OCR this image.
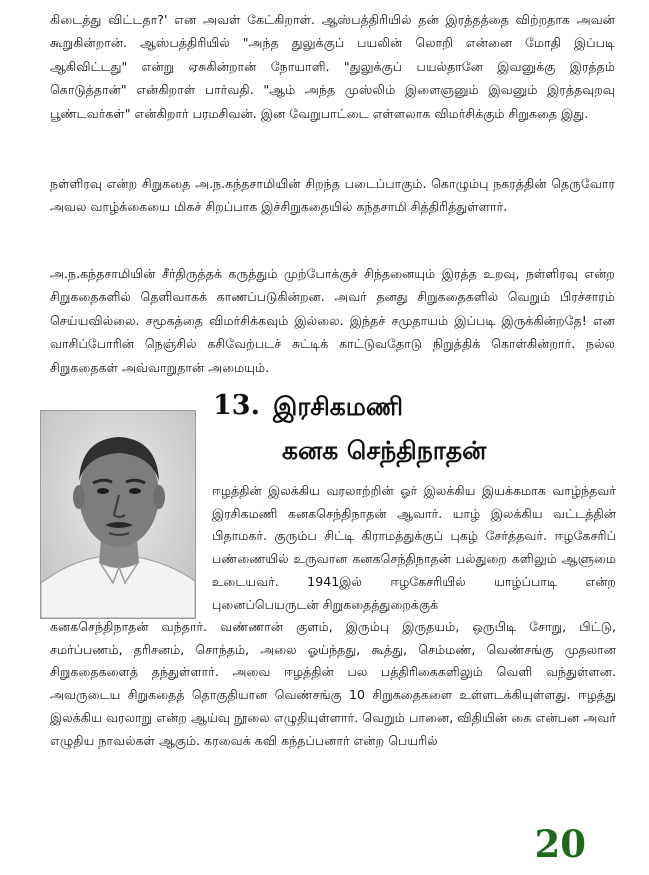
கிடைத்து விட்டதா?' என அவள் கேட்கிறாள். ஆஸ்பத்திரியில் தன் இரத்தத்தை விற்றதாக அவன் கூறுகின்றான். ஆஸ்பத்திரியில் "அந்த துலுக்குப் பயலின் லொறி என்னை மோதி இப்படி ஆகிவிட்டது" என்று ஏசுகின்றான் நோயாளி. "துலுக்குப் பயல்தானே இவனுக்கு இரத்தம் கொடுத்தான்" என்கிறாள் பார்வதி. "ஆம் அந்த முஸ்லிம் இளைஞனும் இவனும் இரத்தவுறவு பூண்டவர்கள்" என்கிறார் பரமசிவன். இன வேறுபாட்டை எள்ளலாக விமர்சிக்கும் சிறுகதை இது.

நள்ளிரவு என்ற சிறுகதை அ.ந.கந்தசாமியின் சிறந்த படைப்பாகும். கொழும்பு நகரத்தின் தெருவோர அவல வாழ்க்கையை மிகச் சிறப்பாக இச்சிறுகதையில் கந்தசாமி சித்திரித்துள்ளார்.

அ.ந.கந்தசாமியின் சீர்திருத்தக் கருத்தும் முற்போக்குச் சிந்தனையும் இரத்த உறவு, நள்ளிரவு என்ற சிறுகதைகளில் தெளிவாகக் காணப்படுகின்றன. அவர் தனது சிறுகதைகளில் வெறும் பிரச்சாரம் செய்யவில்லை. சமூகத்தை விமர்சிக்கவும் இல்லை. இந்தச் சமுதாயம் இப்படி இருக்கின்றதே! என வாசிப்போரின் நெஞ்சில் கசிவேற்படச் சுட்டிக் காட்டுவதோடு நிறுத்திக் கொள்கின்றார். நல்ல சிறுகதைகள் அவ்வாறுதான் அமையும்.

13. இரசிகமணி
கனக செந்திநாதன்

ஈழத்தின் இலக்கிய வரலாற்றின் ஓர் இலக்கிய இயக்கமாக வாழ்ந்தவர் இரசிகமணி கனகசெந்திநாதன் ஆவார். யாழ் இலக்கிய வட்டத்தின் பிதாமகர். குரும்ப சிட்டி கிராமத்துக்குப் புகழ் சேர்த்தவர். ஈழகேசரிப் பண்ணையில் உருவான கனகசெந்திநாதன் பல்துறை களிலும் ஆளுமை உடையவர். 1941இல் ஈழகேசரியில் யாழ்ப்பாடி என்ற புனைப்பெயருடன் சிறுகதைத்துறைக்குக்

கனகசெந்திநாதன் வந்தார். வண்ணான் குளம், இரும்பு இருதயம், ஒருபிடி சோறு, பிட்டு, சமர்ப்பணம், தரிசனம், சொந்தம், அலை ஓய்ந்தது, கூத்து, செம்மண், வெண்சங்கு முதலான சிறுகதைகளைத் தந்துள்ளார். அவை ஈழத்தின் பல பத்திரிகைகளிலும் வெளி வந்துள்ளன. அவருடைய சிறுகதைத் தொகுதியான வெண்சங்கு 10 சிறுகதைகளை உள்ளடக்கியுள்ளது. ஈழத்து இலக்கிய வரலாறு என்ற ஆய்வு நூலை எழுதியுள்ளார். வெறும் பானை, விதியின் கை என்பன அவர் எழுதிய நாவல்கள் ஆகும். கரவைக் கவி கந்தப்பனார் என்ற பெயரில்

20
